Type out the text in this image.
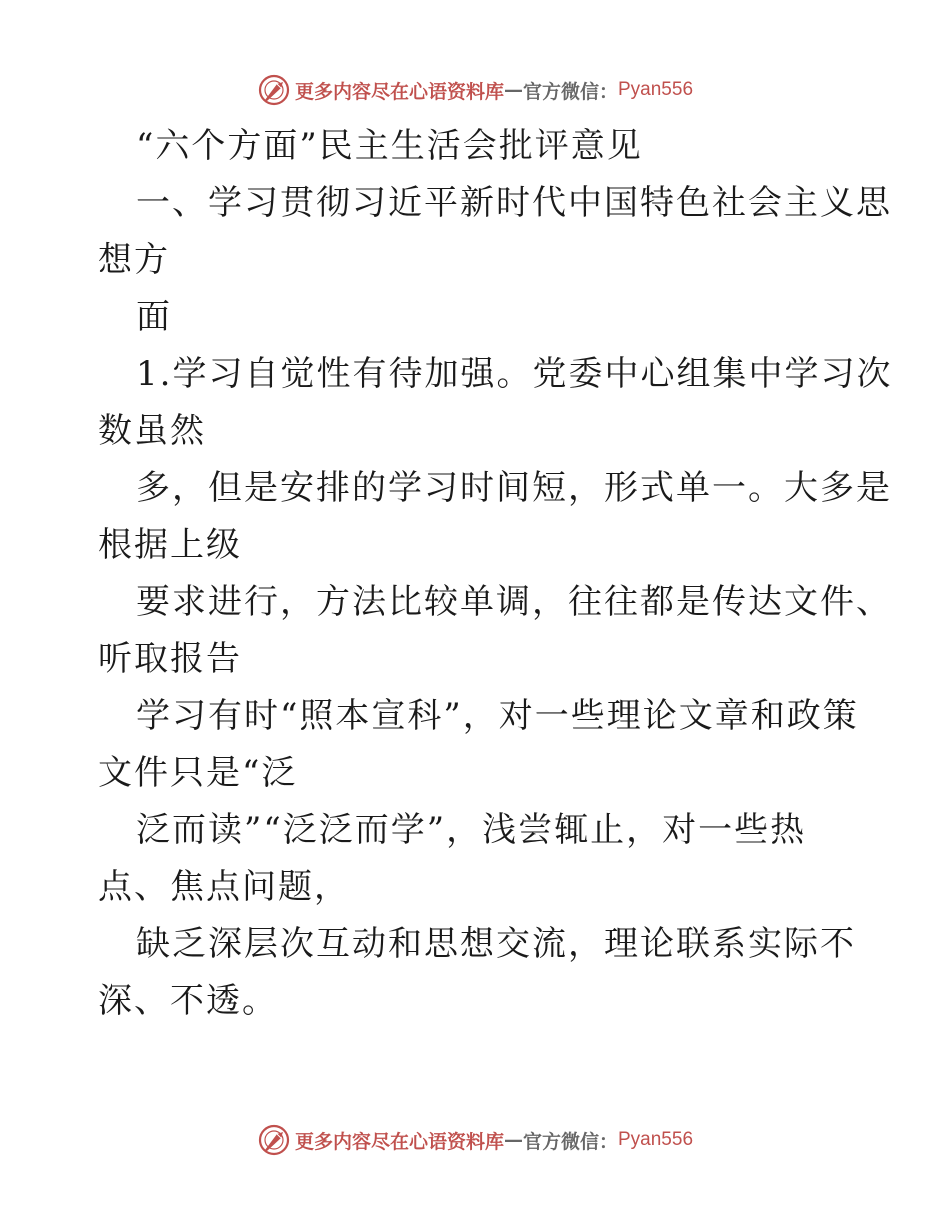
更多内容尽在心语资料库 — 官方微信： Pyan556
“六个方面”民主生活会批评意见
一、学习贯彻习近平新时代中国特色社会主义思
想方
面
1.学习自觉性有待加强。党委中心组集中学习次
数虽然
多，但是安排的学习时间短，形式单一。大多是
根据上级
要求进行，方法比较单调，往往都是传达文件、
听取报告
学习有时“照本宣科”，对一些理论文章和政策
文件只是“泛
泛而读”“泛泛而学”，浅尝辄止，对一些热
点、焦点问题，
缺乏深层次互动和思想交流，理论联系实际不
深、不透。
更多内容尽在心语资料库 — 官方微信： Pyan556
